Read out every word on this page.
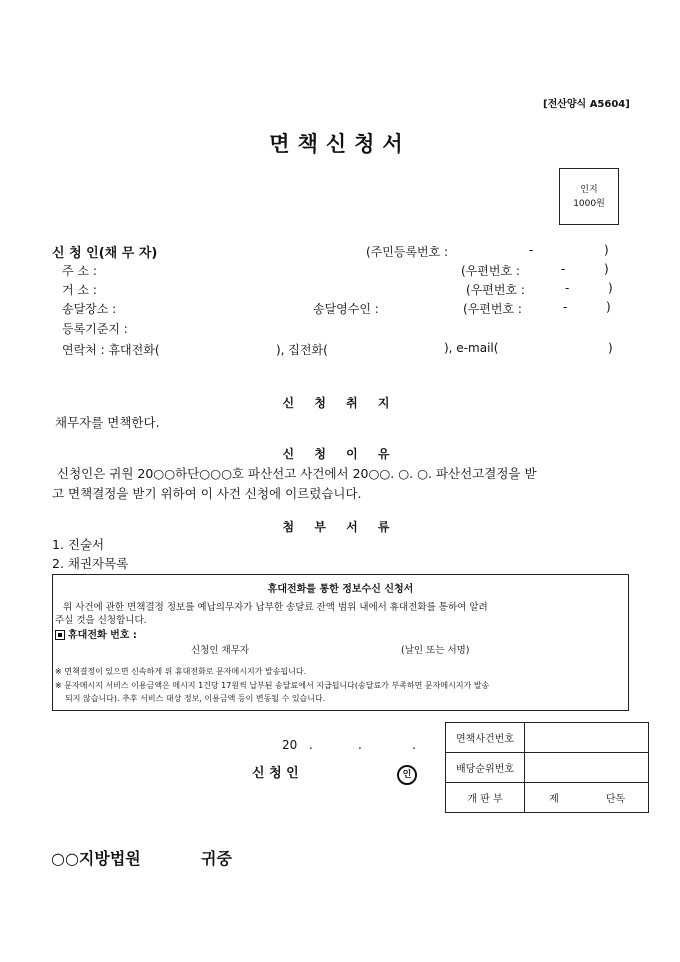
[전산양식 A5604]
면책신청서
인지
1000원
신 청 인(채 무 자)	(주민등록번호 :	-	)
주 소 :	(우편번호 :	-	)
거 소 :	(우편번호 :	-	)
송달장소 :	송달영수인 :	(우편번호 :	-	)
등록기준지 :
연락처 : 휴대전화(	), 집전화(	), e-mail(	)
신 청 취 지
채무자를 면책한다.
신 청 이 유
신청인은 귀원 20○○하단○○○호 파산선고 사건에서 20○○. ○. ○. 파산선고결정을 받
고 면책결정을 받기 위하여 이 사건 신청에 이르렀습니다.
첨 부 서 류
1. 진술서
2. 채권자목록
휴대전화를 통한 정보수신 신청서
위 사건에 관한 면책결정 정보를 예납의무자가 납부한 송달료 잔액 범위 내에서 휴대전화를 통하여 알려
주실 것을 신청합니다.
휴대전화 번호 :
신청인 채무자	(날인 또는 서명)
※ 면책결정이 있으면 신속하게 위 휴대전화로 문자메시지가 발송됩니다.
※ 문자메시지 서비스 이용금액은 메시지 1건당 17원씩 납부된 송달료에서 지급됩니다(송달료가 부족하면 문자메시지가 발송
되지 않습니다). 추후 서비스 대상 정보, 이용금액 등이 변동될 수 있습니다.
20 .	.	.
신 청 인	인
면책사건번호		
배당순위번호		
개 판 부	제	단독
○○지방법원	귀중
